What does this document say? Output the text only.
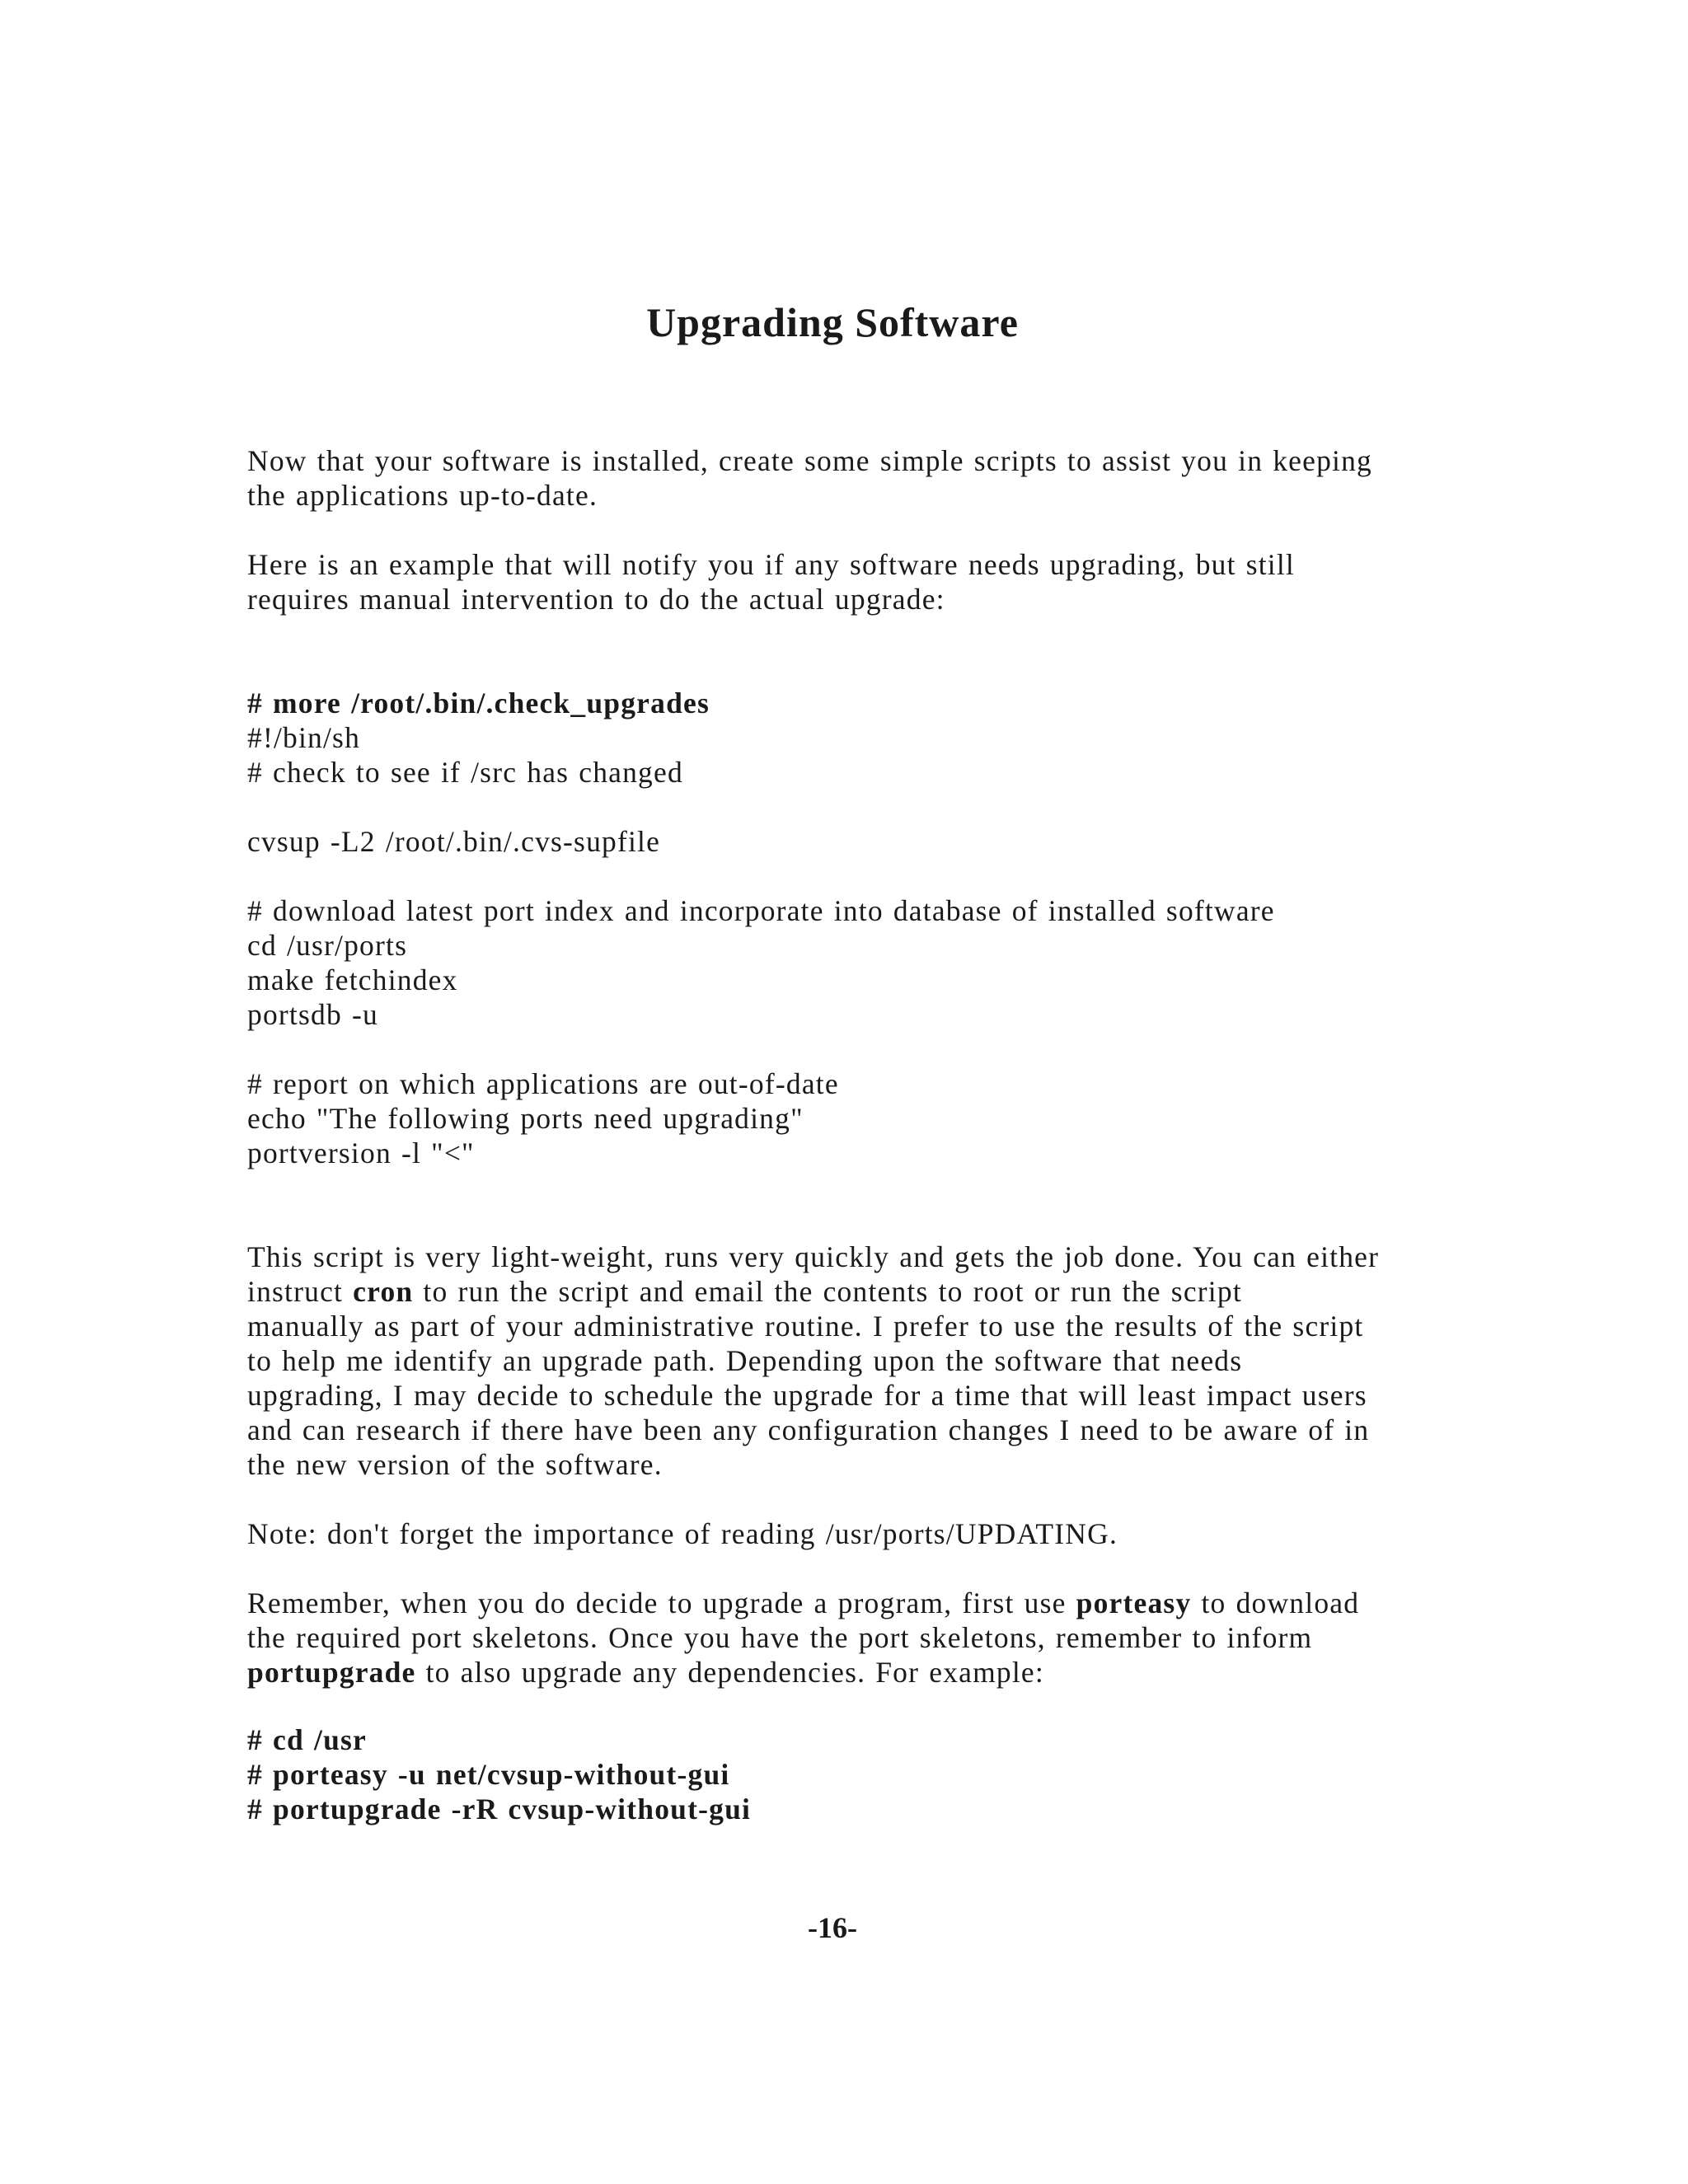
Upgrading Software
Now that your software is installed, create some simple scripts to assist you in keeping
the applications up-to-date.
Here is an example that will notify you if any software needs upgrading, but still
requires manual intervention to do the actual upgrade:
# more /root/.bin/.check_upgrades
#!/bin/sh
# check to see if /src has changed
cvsup -L2 /root/.bin/.cvs-supfile
# download latest port index and incorporate into database of installed software
cd /usr/ports
make fetchindex
portsdb -u
# report on which applications are out-of-date
echo "The following ports need upgrading"
portversion -l "<"
This script is very light-weight, runs very quickly and gets the job done. You can either
instruct cron to run the script and email the contents to root or run the script
manually as part of your administrative routine. I prefer to use the results of the script
to help me identify an upgrade path. Depending upon the software that needs
upgrading, I may decide to schedule the upgrade for a time that will least impact users
and can research if there have been any configuration changes I need to be aware of in
the new version of the software.
Note: don't forget the importance of reading /usr/ports/UPDATING.
Remember, when you do decide to upgrade a program, first use porteasy to download
the required port skeletons. Once you have the port skeletons, remember to inform
portupgrade to also upgrade any dependencies. For example:
# cd /usr
# porteasy -u net/cvsup-without-gui
# portupgrade -rR cvsup-without-gui
-16-
